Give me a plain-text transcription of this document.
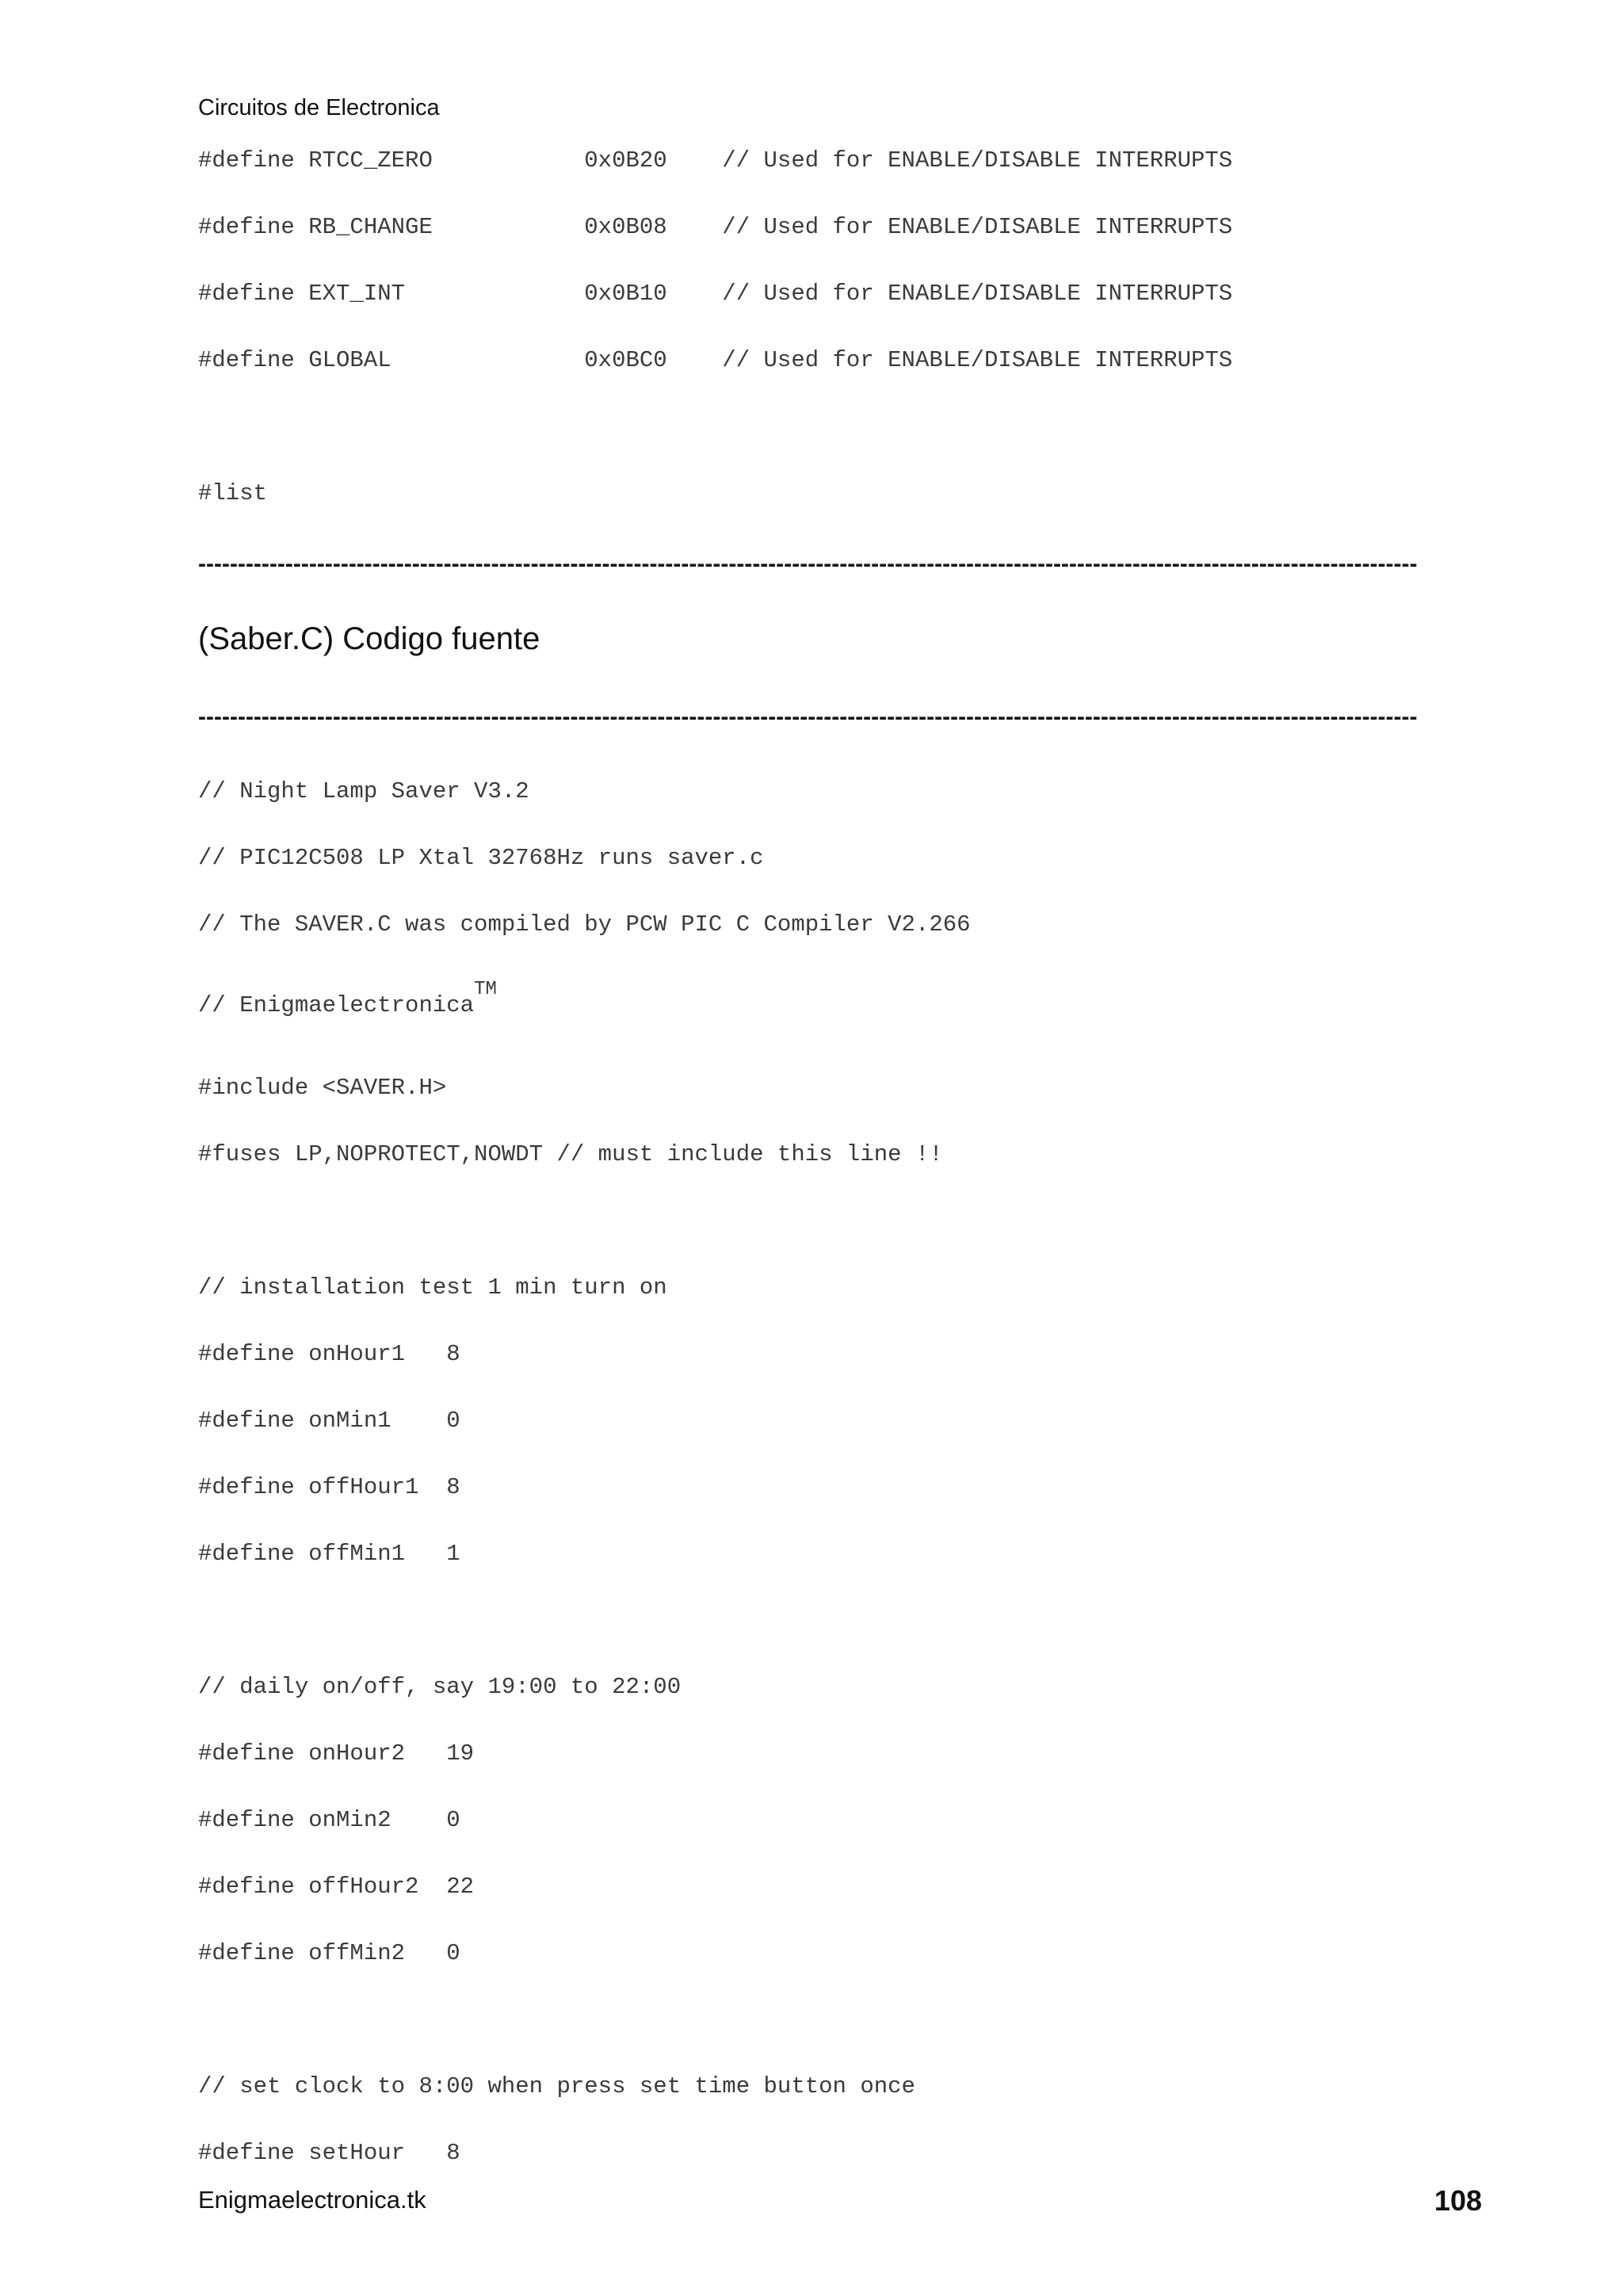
Circuitos de Electronica
#define RTCC_ZERO           0x0B20    // Used for ENABLE/DISABLE INTERRUPTS
#define RB_CHANGE           0x0B08    // Used for ENABLE/DISABLE INTERRUPTS
#define EXT_INT             0x0B10    // Used for ENABLE/DISABLE INTERRUPTS
#define GLOBAL              0x0BC0    // Used for ENABLE/DISABLE INTERRUPTS
#list
----------------------------------------------------------------------------------------------------------------------------------------------------------
(Saber.C) Codigo fuente
----------------------------------------------------------------------------------------------------------------------------------------------------------
// Night Lamp Saver V3.2
// PIC12C508 LP Xtal 32768Hz runs saver.c
// The SAVER.C was compiled by PCW PIC C Compiler V2.266
// Enigmaelectronica™
#include <SAVER.H>
#fuses LP,NOPROTECT,NOWDT // must include this line !!
// installation test 1 min turn on
#define onHour1   8
#define onMin1    0
#define offHour1  8
#define offMin1   1
// daily on/off, say 19:00 to 22:00
#define onHour2   19
#define onMin2    0
#define offHour2  22
#define offMin2   0
// set clock to 8:00 when press set time button once
#define setHour   8
Enigmaelectronica.tk	108
